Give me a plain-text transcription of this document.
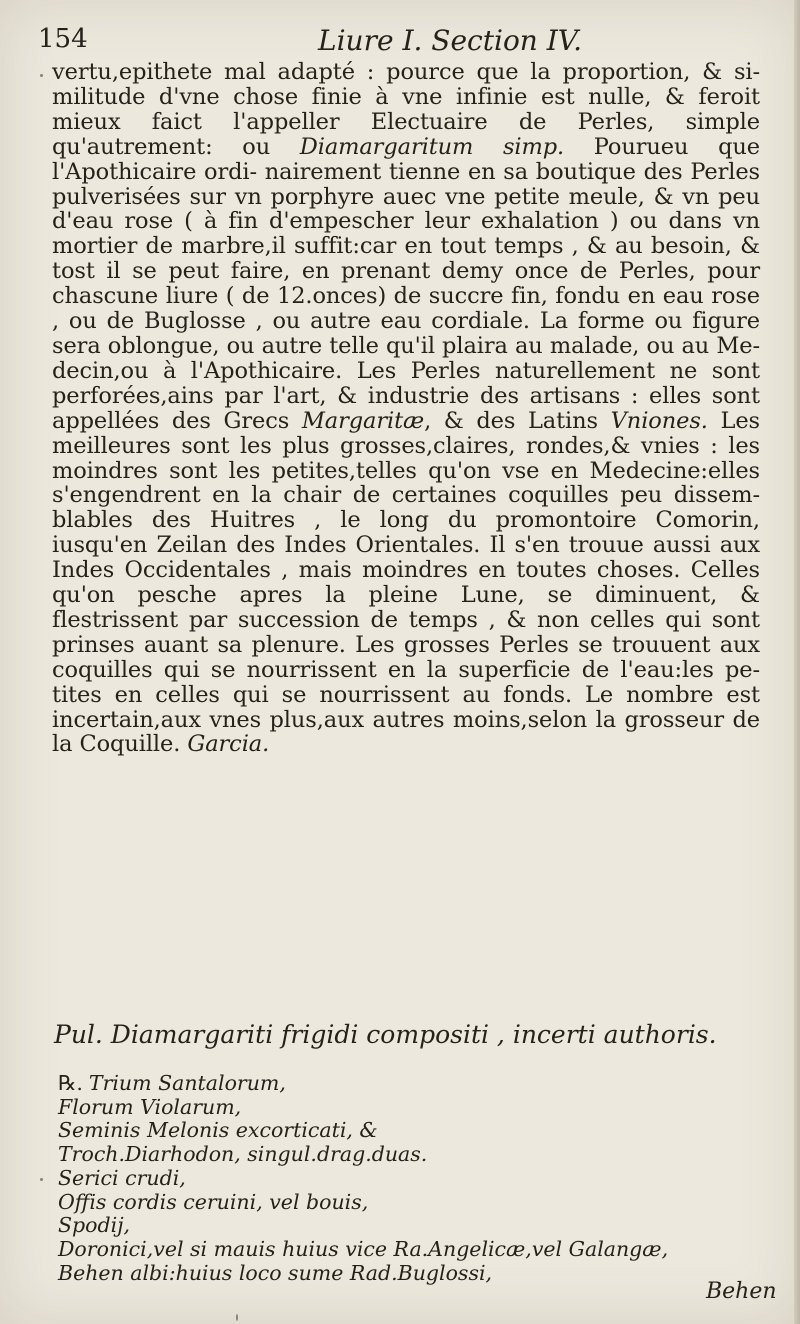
154	Liure I. Section IV.

vertu,epithete mal adapté : pource que la proportion, & si- militude d'vne chose finie à vne infinie est nulle, & feroit mieux faict l'appeller Electuaire de Perles, simple qu'autrement: ou Diamargaritum simp. Pourueu que l'Apothicaire ordi- nairement tienne en sa boutique des Perles pulverisées sur vn porphyre auec vne petite meule, & vn peu d'eau rose ( à fin d'empescher leur exhalation ) ou dans vn mortier de marbre,il suffit:car en tout temps , & au besoin, & tost il se peut faire, en prenant demy once de Perles, pour chascune liure ( de 12.onces) de succre fin, fondu en eau rose , ou de Buglosse , ou autre eau cordiale. La forme ou figure sera oblongue, ou autre telle qu'il plaira au malade, ou au Me- decin,ou à l'Apothicaire. Les Perles naturellement ne sont perforées,ains par l'art, & industrie des artisans : elles sont appellées des Grecs Margaritæ, & des Latins Vniones. Les meilleures sont les plus grosses,claires, rondes,& vnies : les moindres sont les petites,telles qu'on vse en Medecine:elles s'engendrent en la chair de certaines coquilles peu dissem- blables des Huitres , le long du promontoire Comorin, iusqu'en Zeilan des Indes Orientales. Il s'en trouue aussi aux Indes Occidentales , mais moindres en toutes choses. Celles qu'on pesche apres la pleine Lune, se diminuent, & flestrissent par succession de temps , & non celles qui sont prinses auant sa plenure. Les grosses Perles se trouuent aux coquilles qui se nourrissent en la superficie de l'eau:les pe- tites en celles qui se nourrissent au fonds. Le nombre est incertain,aux vnes plus,aux autres moins,selon la grosseur de la Coquille. Garcia.

Pul. Diamargariti frigidi compositi , incerti authoris.

℞. Trium Santalorum,
Florum Violarum,
Seminis Melonis excorticati, &
Troch.Diarhodon, singul.drag.duas.
Serici crudi,
Offis cordis ceruini, vel bouis,
Spodij,
Doronici,vel si mauis huius vice Ra.Angelicæ,vel Galangæ,
Behen albi:huius loco sume Rad.Buglossi,
Behen
